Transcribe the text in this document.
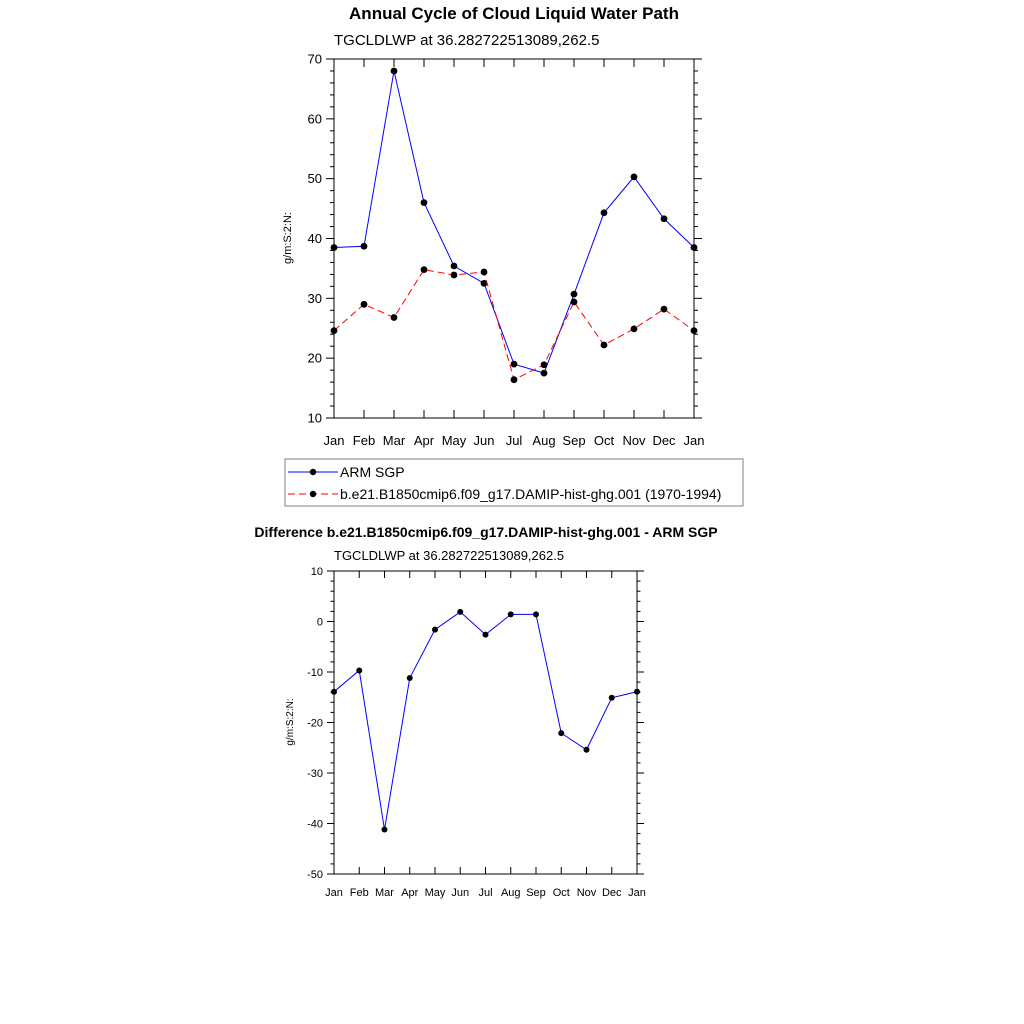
Annual Cycle of Cloud Liquid Water Path
TGCLDLWP at 36.282722513089,262.5
g/m:S:2:N:
10
20
30
40
50
60
70
Jan Feb Mar Apr May Jun Jul Aug Sep Oct Nov Dec Jan
ARM SGP
b.e21.B1850cmip6.f09_g17.DAMIP-hist-ghg.001 (1970-1994)
Difference b.e21.B1850cmip6.f09_g17.DAMIP-hist-ghg.001 - ARM SGP
TGCLDLWP at 36.282722513089,262.5
g/m:S:2:N:
-50
-40
-30
-20
-10
0
10
Jan Feb Mar Apr May Jun Jul Aug Sep Oct Nov Dec Jan
